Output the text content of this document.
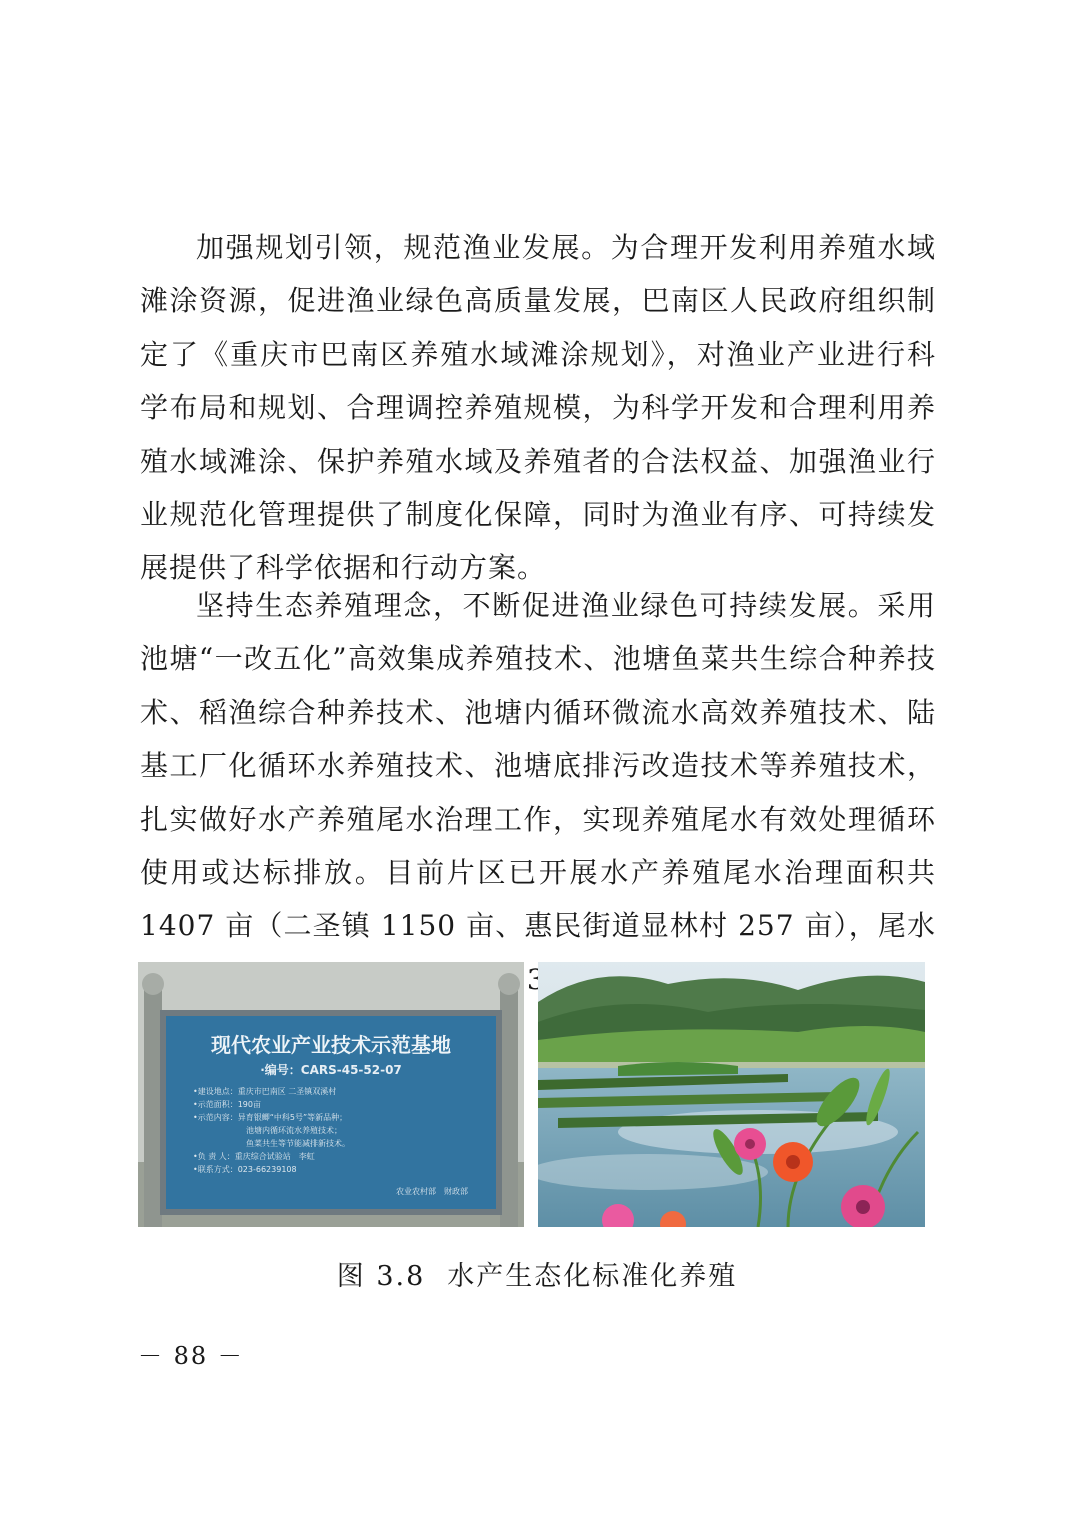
加强规划引领，规范渔业发展。为合理开发利用养殖水域滩涂资源，促进渔业绿色高质量发展，巴南区人民政府组织制定了《重庆市巴南区养殖水域滩涂规划》，对渔业产业进行科学布局和规划、合理调控养殖规模，为科学开发和合理利用养殖水域滩涂、保护养殖水域及养殖者的合法权益、加强渔业行业规范化管理提供了制度化保障，同时为渔业有序、可持续发展提供了科学依据和行动方案。

坚持生态养殖理念，不断促进渔业绿色可持续发展。采用池塘“一改五化”高效集成养殖技术、池塘鱼菜共生综合种养技术、稻渔综合种养技术、池塘内循环微流水高效养殖技术、陆基工厂化循环水养殖技术、池塘底排污改造技术等养殖技术，扎实做好水产养殖尾水治理工作，实现养殖尾水有效处理循环使用或达标排放。目前片区已开展水产养殖尾水治理面积共 1407 亩（二圣镇 1150 亩、惠民街道显林村 257 亩），尾水

现代农业产业技术示范基地
·编号：CARS-45-52-07
•建设地点：重庆市巴南区 二圣镇双溪村
•示范面积：190亩
•示范内容：异育银鲫“中科5号”等新品种；
池塘内循环流水养殖技术；
鱼菜共生等节能减排新技术。
•负 责 人：重庆综合试验站　李虹
•联系方式：023-66239108
农业农村部　财政部
图 3.8 水产生态化标准化养殖
－ 88 －
